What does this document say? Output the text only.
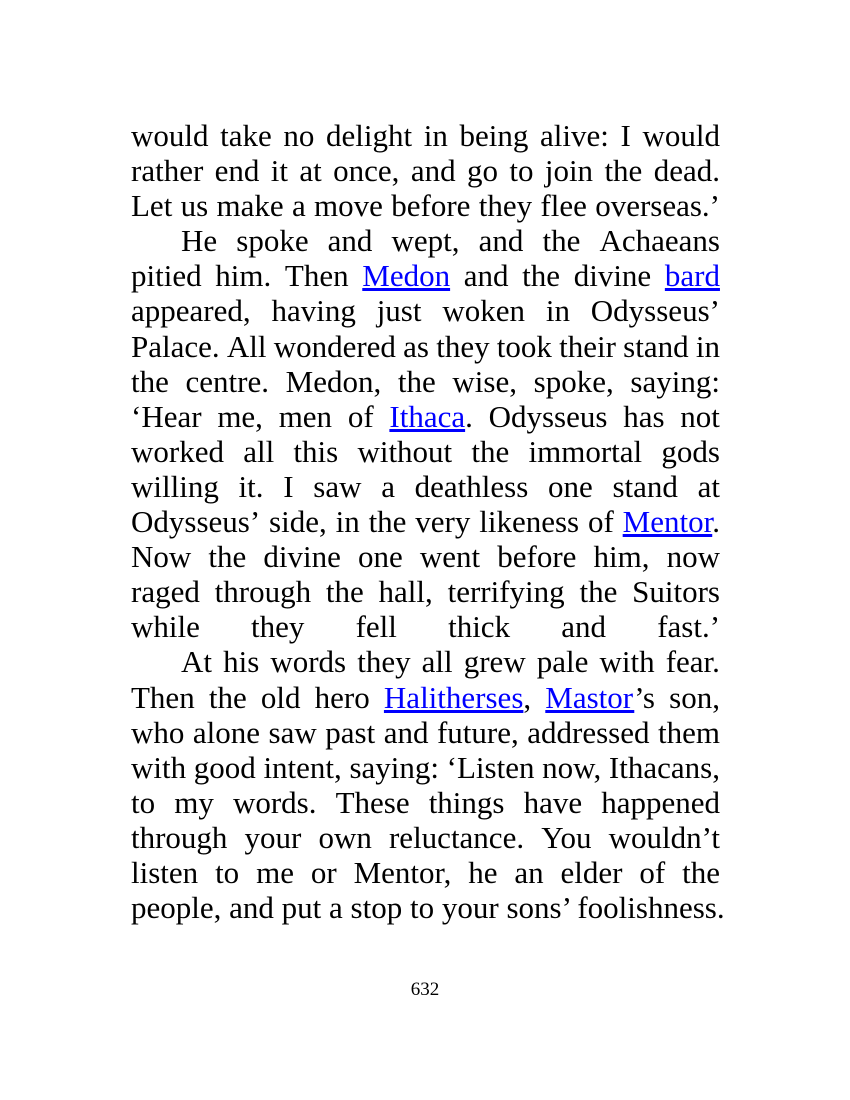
would take no delight in being alive: I would
rather end it at once, and go to join the dead.
Let us make a move before they flee overseas.’
He spoke and wept, and the Achaeans
pitied him. Then Medon and the divine bard
appeared, having just woken in Odysseus’
Palace. All wondered as they took their stand in
the centre. Medon, the wise, spoke, saying:
‘Hear me, men of Ithaca. Odysseus has not
worked all this without the immortal gods
willing it. I saw a deathless one stand at
Odysseus’ side, in the very likeness of Mentor.
Now the divine one went before him, now
raged through the hall, terrifying the Suitors
while they fell thick and fast.’
At his words they all grew pale with fear.
Then the old hero Halitherses, Mastor’s son,
who alone saw past and future, addressed them
with good intent, saying: ‘Listen now, Ithacans,
to my words. These things have happened
through your own reluctance. You wouldn’t
listen to me or Mentor, he an elder of the
people, and put a stop to your sons’ foolishness.
632
